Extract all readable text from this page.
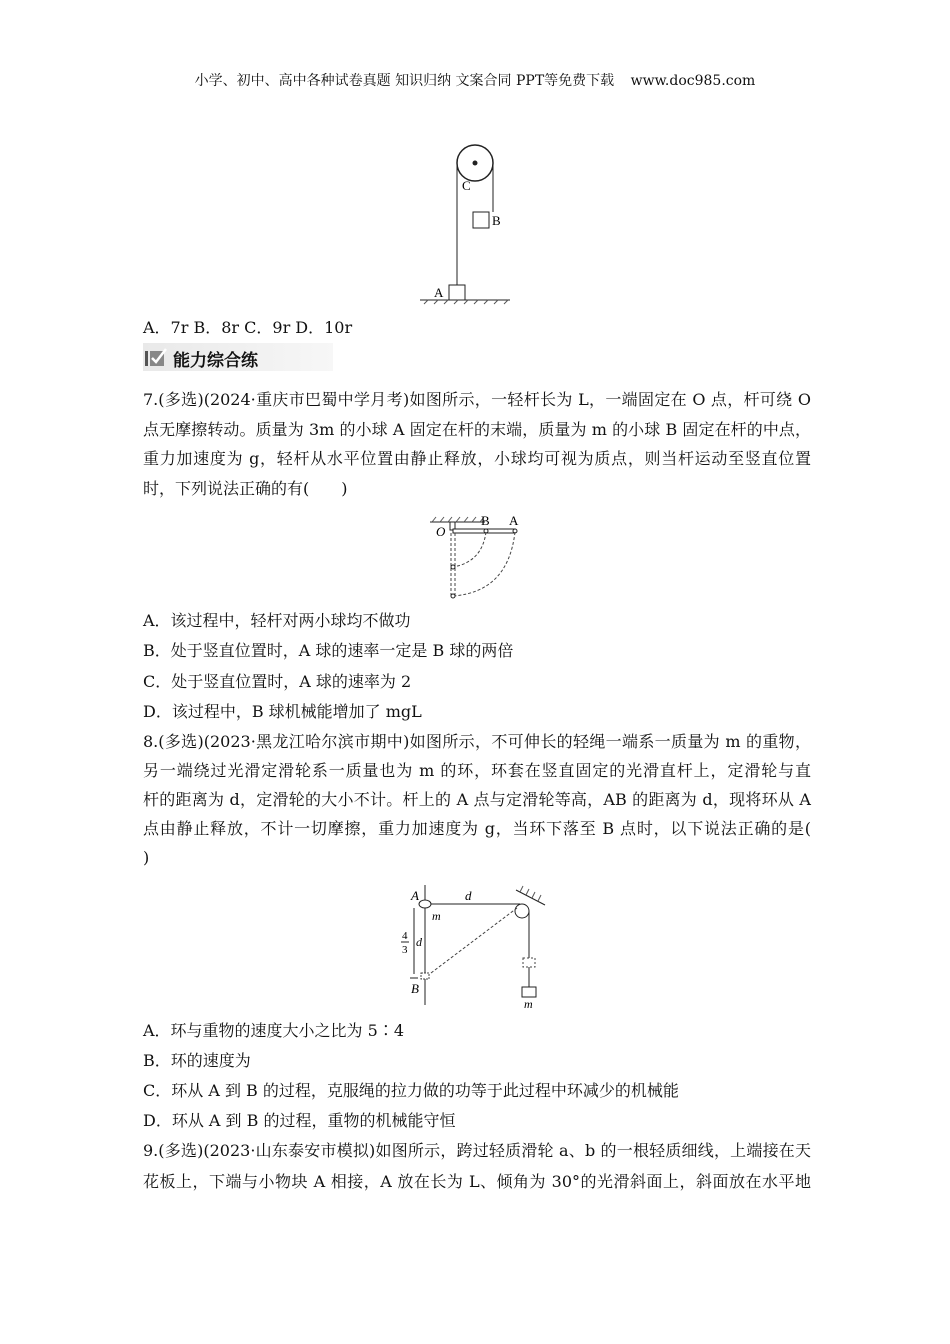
小学、初中、高中各种试卷真题 知识归纳 文案合同 PPT等免费下载 www.doc985.com
C
B
A
A．7r B．8r C．9r D．10r
能力综合练
7.(多选)(2024·重庆市巴蜀中学月考)如图所示，一轻杆长为 L，一端固定在 O 点，杆可绕 O
点无摩擦转动。质量为 3m 的小球 A 固定在杆的末端，质量为 m 的小球 B 固定在杆的中点，
重力加速度为 g，轻杆从水平位置由静止释放，小球均可视为质点，则当杆运动至竖直位置
时，下列说法正确的有(　　)
O
B A
A．该过程中，轻杆对两小球均不做功
B．处于竖直位置时，A 球的速率一定是 B 球的两倍
C．处于竖直位置时，A 球的速率为 2
D．该过程中，B 球机械能增加了 mgL
8.(多选)(2023·黑龙江哈尔滨市期中)如图所示，不可伸长的轻绳一端系一质量为 m 的重物，
另一端绕过光滑定滑轮系一质量也为 m 的环，环套在竖直固定的光滑直杆上，定滑轮与直
杆的距离为 d，定滑轮的大小不计。杆上的 A 点与定滑轮等高，AB 的距离为 d，现将环从 A
点由静止释放，不计一切摩擦，重力加速度为 g，当环下落至 B 点时，以下说法正确的是(
)
A
B
d
m
m
4
3
d
A．环与重物的速度大小之比为 5∶4
B．环的速度为
C．环从 A 到 B 的过程，克服绳的拉力做的功等于此过程中环减少的机械能
D．环从 A 到 B 的过程，重物的机械能守恒
9.(多选)(2023·山东泰安市模拟)如图所示，跨过轻质滑轮 a、b 的一根轻质细线，上端接在天
花板上，下端与小物块 A 相接，A 放在长为 L、倾角为 30°的光滑斜面上，斜面放在水平地
